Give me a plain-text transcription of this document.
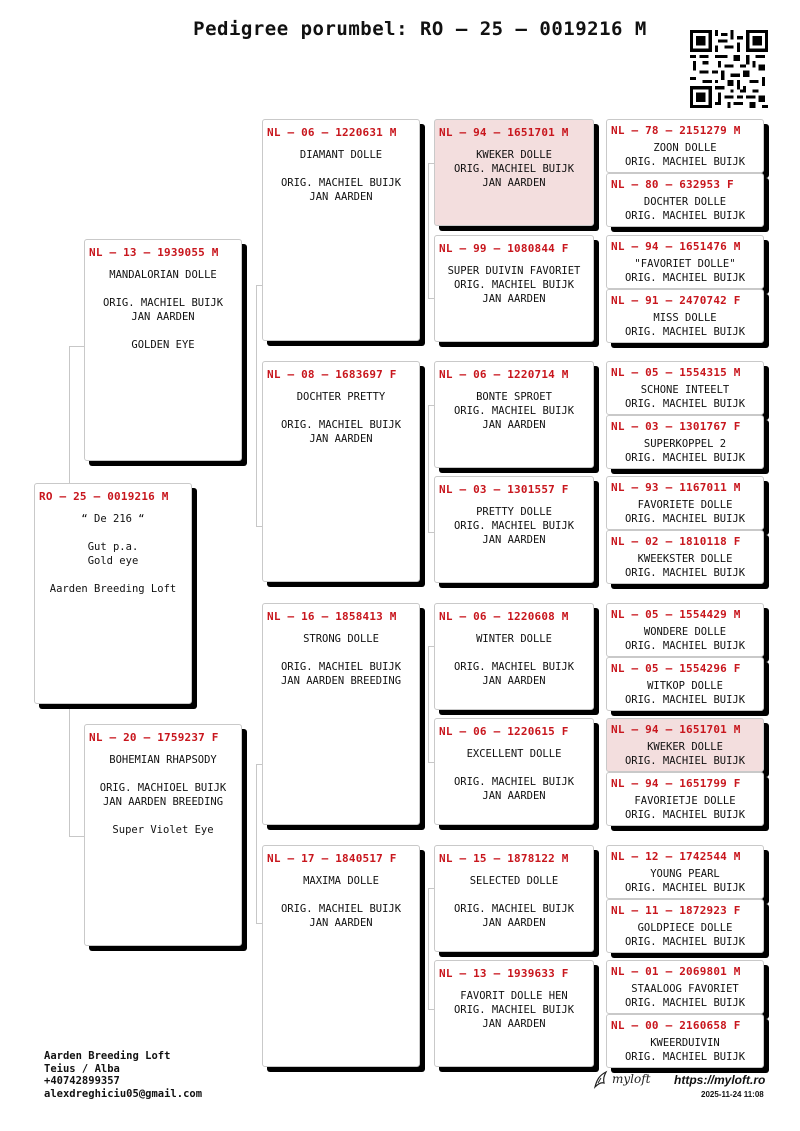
Pedigree porumbel: RO – 25 – 0019216 M
RO – 25 – 0019216 M
“ De 216 “

Gut p.a.
Gold eye

Aarden Breeding Loft
NL – 13 – 1939055 M
MANDALORIAN DOLLE

ORIG. MACHIEL BUIJK
JAN AARDEN

GOLDEN EYE
NL – 20 – 1759237 F
BOHEMIAN RHAPSODY

ORIG. MACHIOEL BUIJK
JAN AARDEN BREEDING

Super Violet Eye
NL – 06 – 1220631 M
DIAMANT DOLLE

ORIG. MACHIEL BUIJK
JAN AARDEN
NL – 08 – 1683697 F
DOCHTER PRETTY

ORIG. MACHIEL BUIJK
JAN AARDEN
NL – 16 – 1858413 M
STRONG DOLLE

ORIG. MACHIEL BUIJK
JAN AARDEN BREEDING
NL – 17 – 1840517 F
MAXIMA DOLLE

ORIG. MACHIEL BUIJK
JAN AARDEN
NL – 94 – 1651701 M
KWEKER DOLLE
ORIG. MACHIEL BUIJK
JAN AARDEN
NL – 99 – 1080844 F
SUPER DUIVIN FAVORIET
ORIG. MACHIEL BUIJK
JAN AARDEN
NL – 06 – 1220714 M
BONTE SPROET
ORIG. MACHIEL BUIJK
JAN AARDEN
NL – 03 – 1301557 F
PRETTY DOLLE
ORIG. MACHIEL BUIJK
JAN AARDEN
NL – 06 – 1220608 M
WINTER DOLLE

ORIG. MACHIEL BUIJK
JAN AARDEN
NL – 06 – 1220615 F
EXCELLENT DOLLE

ORIG. MACHIEL BUIJK
JAN AARDEN
NL – 15 – 1878122 M
SELECTED DOLLE

ORIG. MACHIEL BUIJK
JAN AARDEN
NL – 13 – 1939633 F
FAVORIT DOLLE HEN
ORIG. MACHIEL BUIJK
JAN AARDEN
NL – 78 – 2151279 M
ZOON DOLLE
ORIG. MACHIEL BUIJK
NL – 80 – 632953 F
DOCHTER DOLLE
ORIG. MACHIEL BUIJK
NL – 94 – 1651476 M
"FAVORIET DOLLE"
ORIG. MACHIEL BUIJK
NL – 91 – 2470742 F
MISS DOLLE
ORIG. MACHIEL BUIJK
NL – 05 – 1554315 M
SCHONE INTEELT
ORIG. MACHIEL BUIJK
NL – 03 – 1301767 F
SUPERKOPPEL 2
ORIG. MACHIEL BUIJK
NL – 93 – 1167011 M
FAVORIETE DOLLE
ORIG. MACHIEL BUIJK
NL – 02 – 1810118 F
KWEEKSTER DOLLE
ORIG. MACHIEL BUIJK
NL – 05 – 1554429 M
WONDERE DOLLE
ORIG. MACHIEL BUIJK
NL – 05 – 1554296 F
WITKOP DOLLE
ORIG. MACHIEL BUIJK
NL – 94 – 1651701 M
KWEKER DOLLE
ORIG. MACHIEL BUIJK
NL – 94 – 1651799 F
FAVORIETJE DOLLE
ORIG. MACHIEL BUIJK
NL – 12 – 1742544 M
YOUNG PEARL
ORIG. MACHIEL BUIJK
NL – 11 – 1872923 F
GOLDPIECE DOLLE
ORIG. MACHIEL BUIJK
NL – 01 – 2069801 M
STAALOOG FAVORIET
ORIG. MACHIEL BUIJK
NL – 00 – 2160658 F
KWEERDUIVIN
ORIG. MACHIEL BUIJK
Aarden Breeding Loft
Teius / Alba
+40742899357
alexdreghiciu05@gmail.com
myloft https://myloft.ro
2025-11-24 11:08
